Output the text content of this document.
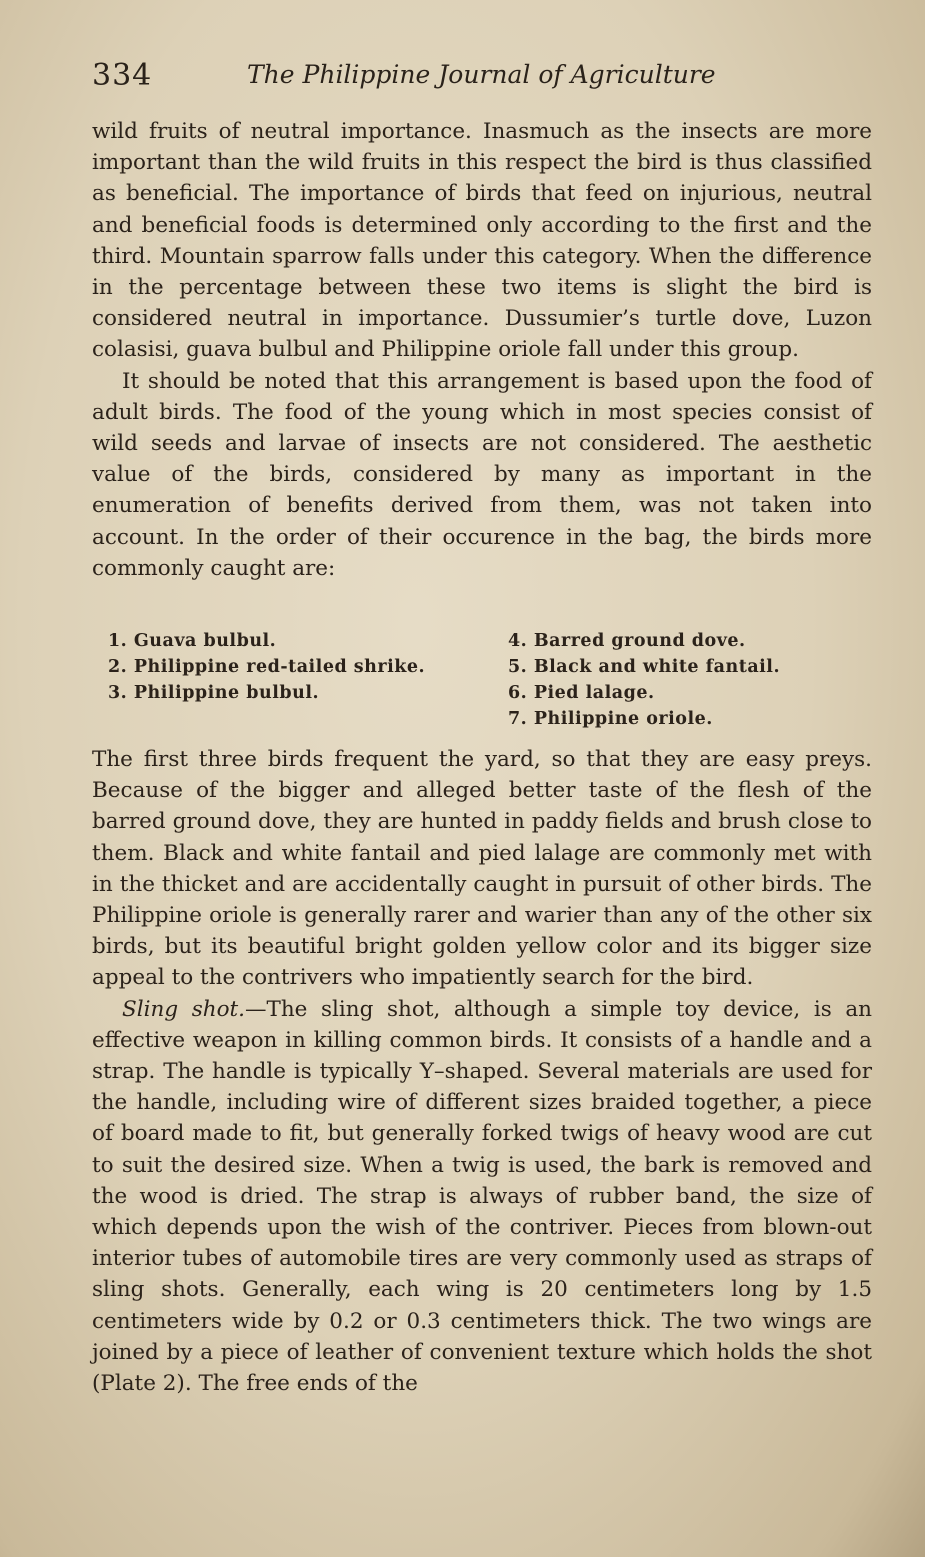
334	The Philippine Journal of Agriculture

wild fruits of neutral importance. Inasmuch as the insects are more important than the wild fruits in this respect the bird is thus classified as beneficial. The importance of birds that feed on injurious, neutral and beneficial foods is determined only according to the first and the third. Mountain sparrow falls under this category. When the difference in the percentage between these two items is slight the bird is considered neutral in importance. Dussumier’s turtle dove, Luzon colasisi, guava bulbul and Philippine oriole fall under this group.

It should be noted that this arrangement is based upon the food of adult birds. The food of the young which in most species consist of wild seeds and larvae of insects are not considered. The aesthetic value of the birds, considered by many as important in the enumeration of benefits derived from them, was not taken into account. In the order of their occurence in the bag, the birds more commonly caught are:

1. Guava bulbul.

2. Philippine red-tailed shrike.

3. Philippine bulbul.

4. Barred ground dove.

5. Black and white fantail.

6. Pied lalage.

7. Philippine oriole.

The first three birds frequent the yard, so that they are easy preys. Because of the bigger and alleged better taste of the flesh of the barred ground dove, they are hunted in paddy fields and brush close to them. Black and white fantail and pied lalage are commonly met with in the thicket and are accidentally caught in pursuit of other birds. The Philippine oriole is generally rarer and warier than any of the other six birds, but its beautiful bright golden yellow color and its bigger size appeal to the contrivers who impatiently search for the bird.

Sling shot.—The sling shot, although a simple toy device, is an effective weapon in killing common birds. It consists of a handle and a strap. The handle is typically Y–shaped. Several materials are used for the handle, including wire of different sizes braided together, a piece of board made to fit, but generally forked twigs of heavy wood are cut to suit the desired size. When a twig is used, the bark is removed and the wood is dried. The strap is always of rubber band, the size of which depends upon the wish of the contriver. Pieces from blown-out interior tubes of automobile tires are very commonly used as straps of sling shots. Generally, each wing is 20 centimeters long by 1.5 centimeters wide by 0.2 or 0.3 centimeters thick. The two wings are joined by a piece of leather of convenient texture which holds the shot (Plate 2). The free ends of the
